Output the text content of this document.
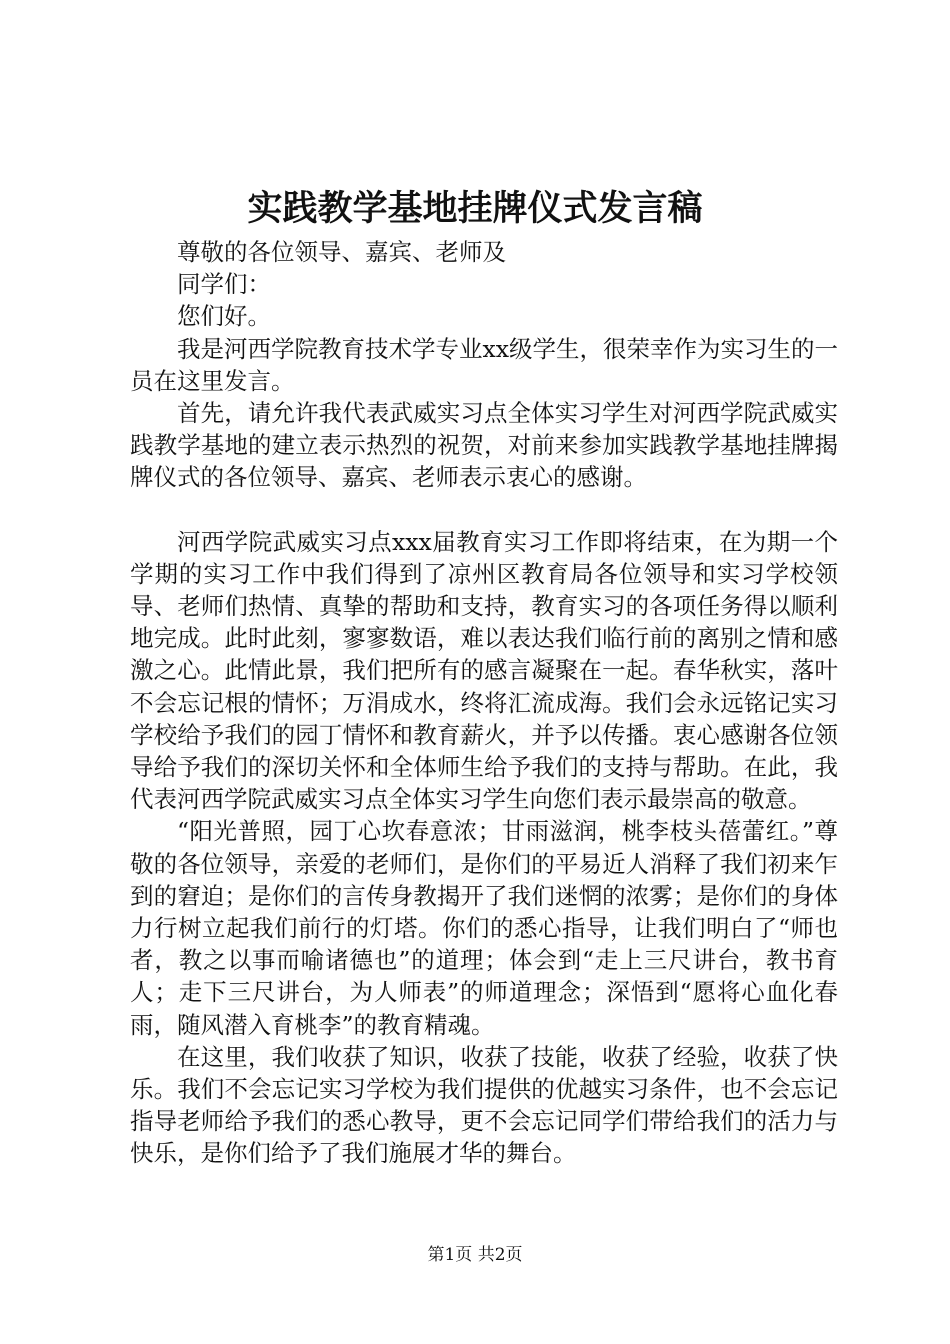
实践教学基地挂牌仪式发言稿

尊敬的各位领导、嘉宾、老师及

同学们：

您们好。

我是河西学院教育技术学专业xx级学生，很荣幸作为实习生的一员在这里发言。

首先，请允许我代表武威实习点全体实习学生对河西学院武威实践教学基地的建立表示热烈的祝贺，对前来参加实践教学基地挂牌揭牌仪式的各位领导、嘉宾、老师表示衷心的感谢。

河西学院武威实习点xxx届教育实习工作即将结束，在为期一个学期的实习工作中我们得到了凉州区教育局各位领导和实习学校领导、老师们热情、真挚的帮助和支持，教育实习的各项任务得以顺利地完成。此时此刻，寥寥数语，难以表达我们临行前的离别之情和感激之心。此情此景，我们把所有的感言凝聚在一起。春华秋实，落叶不会忘记根的情怀；万涓成水，终将汇流成海。我们会永远铭记实习学校给予我们的园丁情怀和教育薪火，并予以传播。衷心感谢各位领导给予我们的深切关怀和全体师生给予我们的支持与帮助。在此，我代表河西学院武威实习点全体实习学生向您们表示最崇高的敬意。

“阳光普照，园丁心坎春意浓；甘雨滋润，桃李枝头蓓蕾红。”尊敬的各位领导，亲爱的老师们，是你们的平易近人消释了我们初来乍到的窘迫；是你们的言传身教揭开了我们迷惘的浓雾；是你们的身体力行树立起我们前行的灯塔。你们的悉心指导，让我们明白了“师也者，教之以事而喻诸德也”的道理；体会到“走上三尺讲台，教书育人；走下三尺讲台，为人师表”的师道理念；深悟到“愿将心血化春雨，随风潜入育桃李”的教育精魂。

在这里，我们收获了知识，收获了技能，收获了经验，收获了快乐。我们不会忘记实习学校为我们提供的优越实习条件，也不会忘记指导老师给予我们的悉心教导，更不会忘记同学们带给我们的活力与快乐，是你们给予了我们施展才华的舞台。

第1页 共2页
